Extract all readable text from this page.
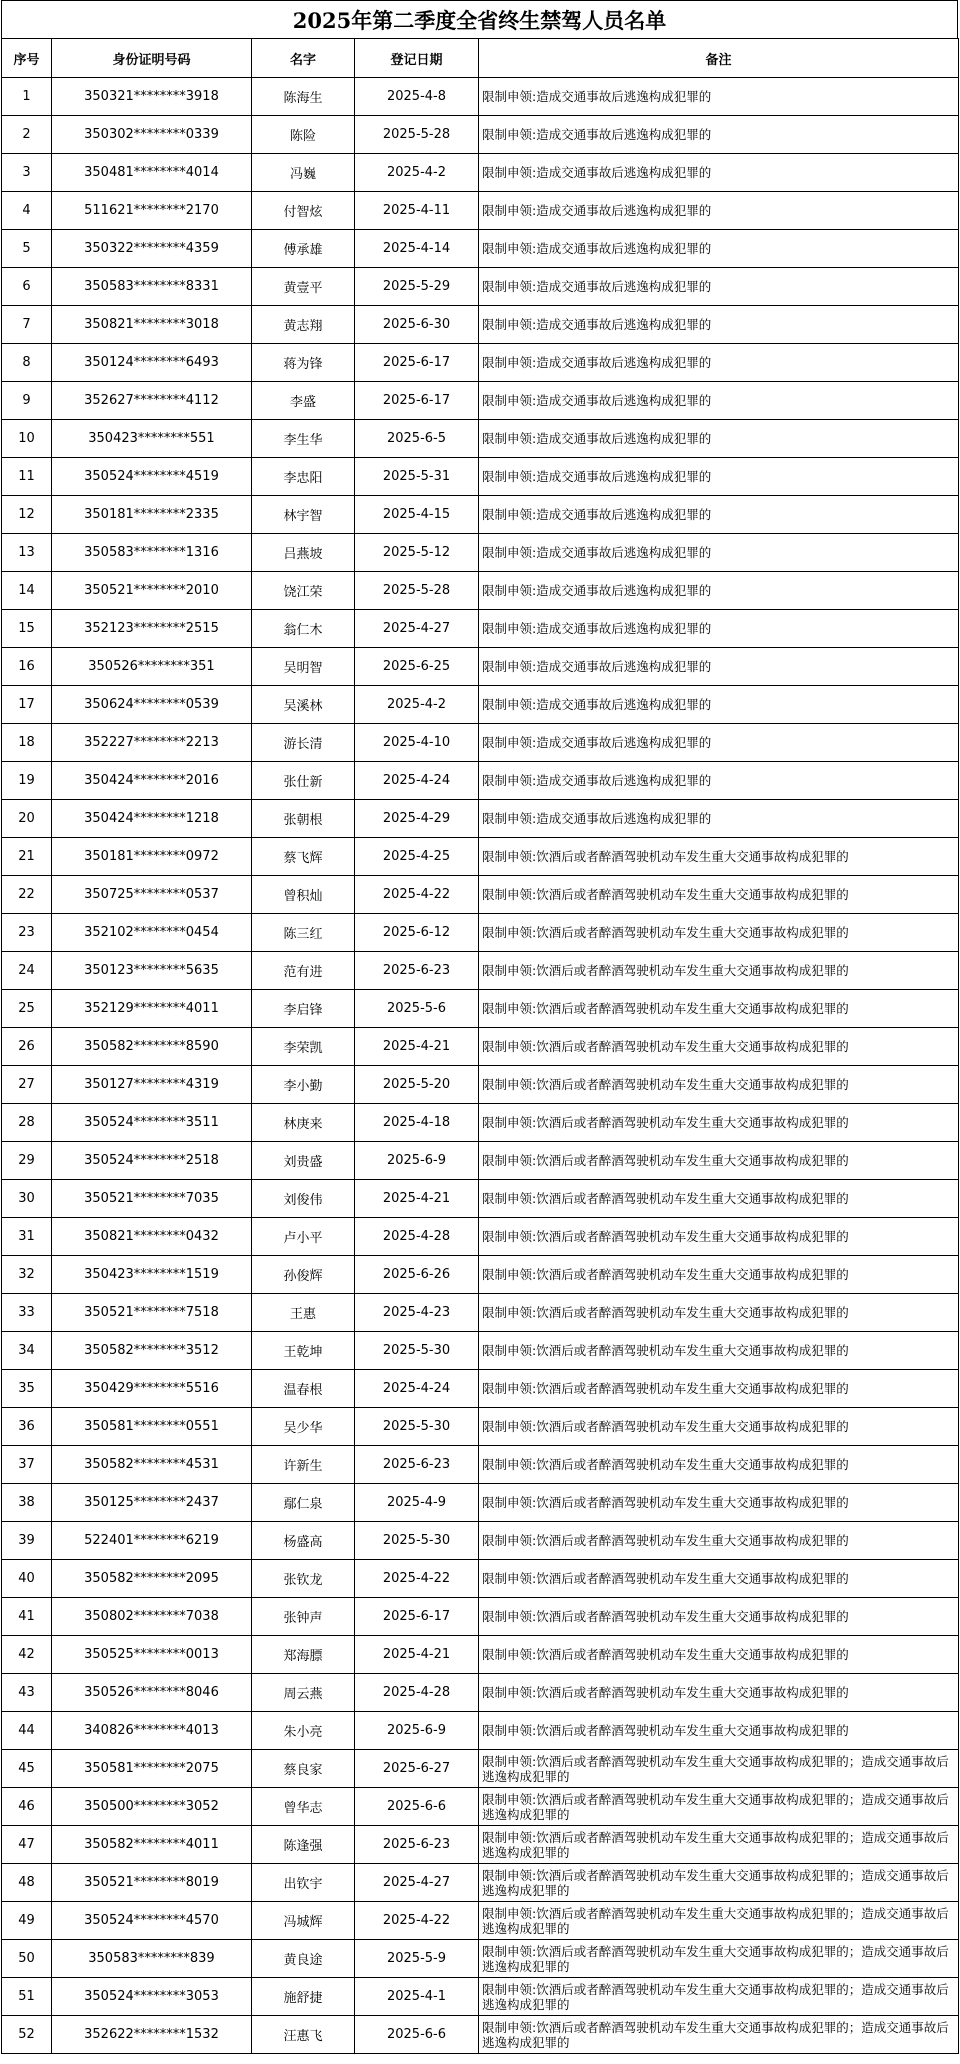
2025年第二季度全省终生禁驾人员名单
序号	身份证明号码	名字	登记日期	备注
1	350321********3918	陈海生	2025-4-8	限制申领:造成交通事故后逃逸构成犯罪的
2	350302********0339	陈险	2025-5-28	限制申领:造成交通事故后逃逸构成犯罪的
3	350481********4014	冯巍	2025-4-2	限制申领:造成交通事故后逃逸构成犯罪的
4	511621********2170	付智炫	2025-4-11	限制申领:造成交通事故后逃逸构成犯罪的
5	350322********4359	傅承雄	2025-4-14	限制申领:造成交通事故后逃逸构成犯罪的
6	350583********8331	黄壹平	2025-5-29	限制申领:造成交通事故后逃逸构成犯罪的
7	350821********3018	黄志翔	2025-6-30	限制申领:造成交通事故后逃逸构成犯罪的
8	350124********6493	蒋为锋	2025-6-17	限制申领:造成交通事故后逃逸构成犯罪的
9	352627********4112	李盛	2025-6-17	限制申领:造成交通事故后逃逸构成犯罪的
10	350423********551	李生华	2025-6-5	限制申领:造成交通事故后逃逸构成犯罪的
11	350524********4519	李忠阳	2025-5-31	限制申领:造成交通事故后逃逸构成犯罪的
12	350181********2335	林宇智	2025-4-15	限制申领:造成交通事故后逃逸构成犯罪的
13	350583********1316	吕燕坡	2025-5-12	限制申领:造成交通事故后逃逸构成犯罪的
14	350521********2010	饶江荣	2025-5-28	限制申领:造成交通事故后逃逸构成犯罪的
15	352123********2515	翁仁木	2025-4-27	限制申领:造成交通事故后逃逸构成犯罪的
16	350526********351	吴明智	2025-6-25	限制申领:造成交通事故后逃逸构成犯罪的
17	350624********0539	吴溪林	2025-4-2	限制申领:造成交通事故后逃逸构成犯罪的
18	352227********2213	游长清	2025-4-10	限制申领:造成交通事故后逃逸构成犯罪的
19	350424********2016	张仕新	2025-4-24	限制申领:造成交通事故后逃逸构成犯罪的
20	350424********1218	张朝根	2025-4-29	限制申领:造成交通事故后逃逸构成犯罪的
21	350181********0972	蔡飞辉	2025-4-25	限制申领:饮酒后或者醉酒驾驶机动车发生重大交通事故构成犯罪的
22	350725********0537	曾积灿	2025-4-22	限制申领:饮酒后或者醉酒驾驶机动车发生重大交通事故构成犯罪的
23	352102********0454	陈三红	2025-6-12	限制申领:饮酒后或者醉酒驾驶机动车发生重大交通事故构成犯罪的
24	350123********5635	范有进	2025-6-23	限制申领:饮酒后或者醉酒驾驶机动车发生重大交通事故构成犯罪的
25	352129********4011	李启锋	2025-5-6	限制申领:饮酒后或者醉酒驾驶机动车发生重大交通事故构成犯罪的
26	350582********8590	李荣凯	2025-4-21	限制申领:饮酒后或者醉酒驾驶机动车发生重大交通事故构成犯罪的
27	350127********4319	李小勤	2025-5-20	限制申领:饮酒后或者醉酒驾驶机动车发生重大交通事故构成犯罪的
28	350524********3511	林庚来	2025-4-18	限制申领:饮酒后或者醉酒驾驶机动车发生重大交通事故构成犯罪的
29	350524********2518	刘贵盛	2025-6-9	限制申领:饮酒后或者醉酒驾驶机动车发生重大交通事故构成犯罪的
30	350521********7035	刘俊伟	2025-4-21	限制申领:饮酒后或者醉酒驾驶机动车发生重大交通事故构成犯罪的
31	350821********0432	卢小平	2025-4-28	限制申领:饮酒后或者醉酒驾驶机动车发生重大交通事故构成犯罪的
32	350423********1519	孙俊辉	2025-6-26	限制申领:饮酒后或者醉酒驾驶机动车发生重大交通事故构成犯罪的
33	350521********7518	王惠	2025-4-23	限制申领:饮酒后或者醉酒驾驶机动车发生重大交通事故构成犯罪的
34	350582********3512	王乾坤	2025-5-30	限制申领:饮酒后或者醉酒驾驶机动车发生重大交通事故构成犯罪的
35	350429********5516	温春根	2025-4-24	限制申领:饮酒后或者醉酒驾驶机动车发生重大交通事故构成犯罪的
36	350581********0551	吴少华	2025-5-30	限制申领:饮酒后或者醉酒驾驶机动车发生重大交通事故构成犯罪的
37	350582********4531	许新生	2025-6-23	限制申领:饮酒后或者醉酒驾驶机动车发生重大交通事故构成犯罪的
38	350125********2437	鄢仁泉	2025-4-9	限制申领:饮酒后或者醉酒驾驶机动车发生重大交通事故构成犯罪的
39	522401********6219	杨盛高	2025-5-30	限制申领:饮酒后或者醉酒驾驶机动车发生重大交通事故构成犯罪的
40	350582********2095	张钦龙	2025-4-22	限制申领:饮酒后或者醉酒驾驶机动车发生重大交通事故构成犯罪的
41	350802********7038	张钟声	2025-6-17	限制申领:饮酒后或者醉酒驾驶机动车发生重大交通事故构成犯罪的
42	350525********0013	郑海膘	2025-4-21	限制申领:饮酒后或者醉酒驾驶机动车发生重大交通事故构成犯罪的
43	350526********8046	周云燕	2025-4-28	限制申领:饮酒后或者醉酒驾驶机动车发生重大交通事故构成犯罪的
44	340826********4013	朱小亮	2025-6-9	限制申领:饮酒后或者醉酒驾驶机动车发生重大交通事故构成犯罪的
45	350581********2075	蔡良家	2025-6-27	限制申领:饮酒后或者醉酒驾驶机动车发生重大交通事故构成犯罪的；造成交通事故后逃逸构成犯罪的
46	350500********3052	曾华志	2025-6-6	限制申领:饮酒后或者醉酒驾驶机动车发生重大交通事故构成犯罪的；造成交通事故后逃逸构成犯罪的
47	350582********4011	陈逢强	2025-6-23	限制申领:饮酒后或者醉酒驾驶机动车发生重大交通事故构成犯罪的；造成交通事故后逃逸构成犯罪的
48	350521********8019	出钦宇	2025-4-27	限制申领:饮酒后或者醉酒驾驶机动车发生重大交通事故构成犯罪的；造成交通事故后逃逸构成犯罪的
49	350524********4570	冯城辉	2025-4-22	限制申领:饮酒后或者醉酒驾驶机动车发生重大交通事故构成犯罪的；造成交通事故后逃逸构成犯罪的
50	350583********839	黄良途	2025-5-9	限制申领:饮酒后或者醉酒驾驶机动车发生重大交通事故构成犯罪的；造成交通事故后逃逸构成犯罪的
51	350524********3053	施舒捷	2025-4-1	限制申领:饮酒后或者醉酒驾驶机动车发生重大交通事故构成犯罪的；造成交通事故后逃逸构成犯罪的
52	352622********1532	汪惠飞	2025-6-6	限制申领:饮酒后或者醉酒驾驶机动车发生重大交通事故构成犯罪的；造成交通事故后逃逸构成犯罪的
